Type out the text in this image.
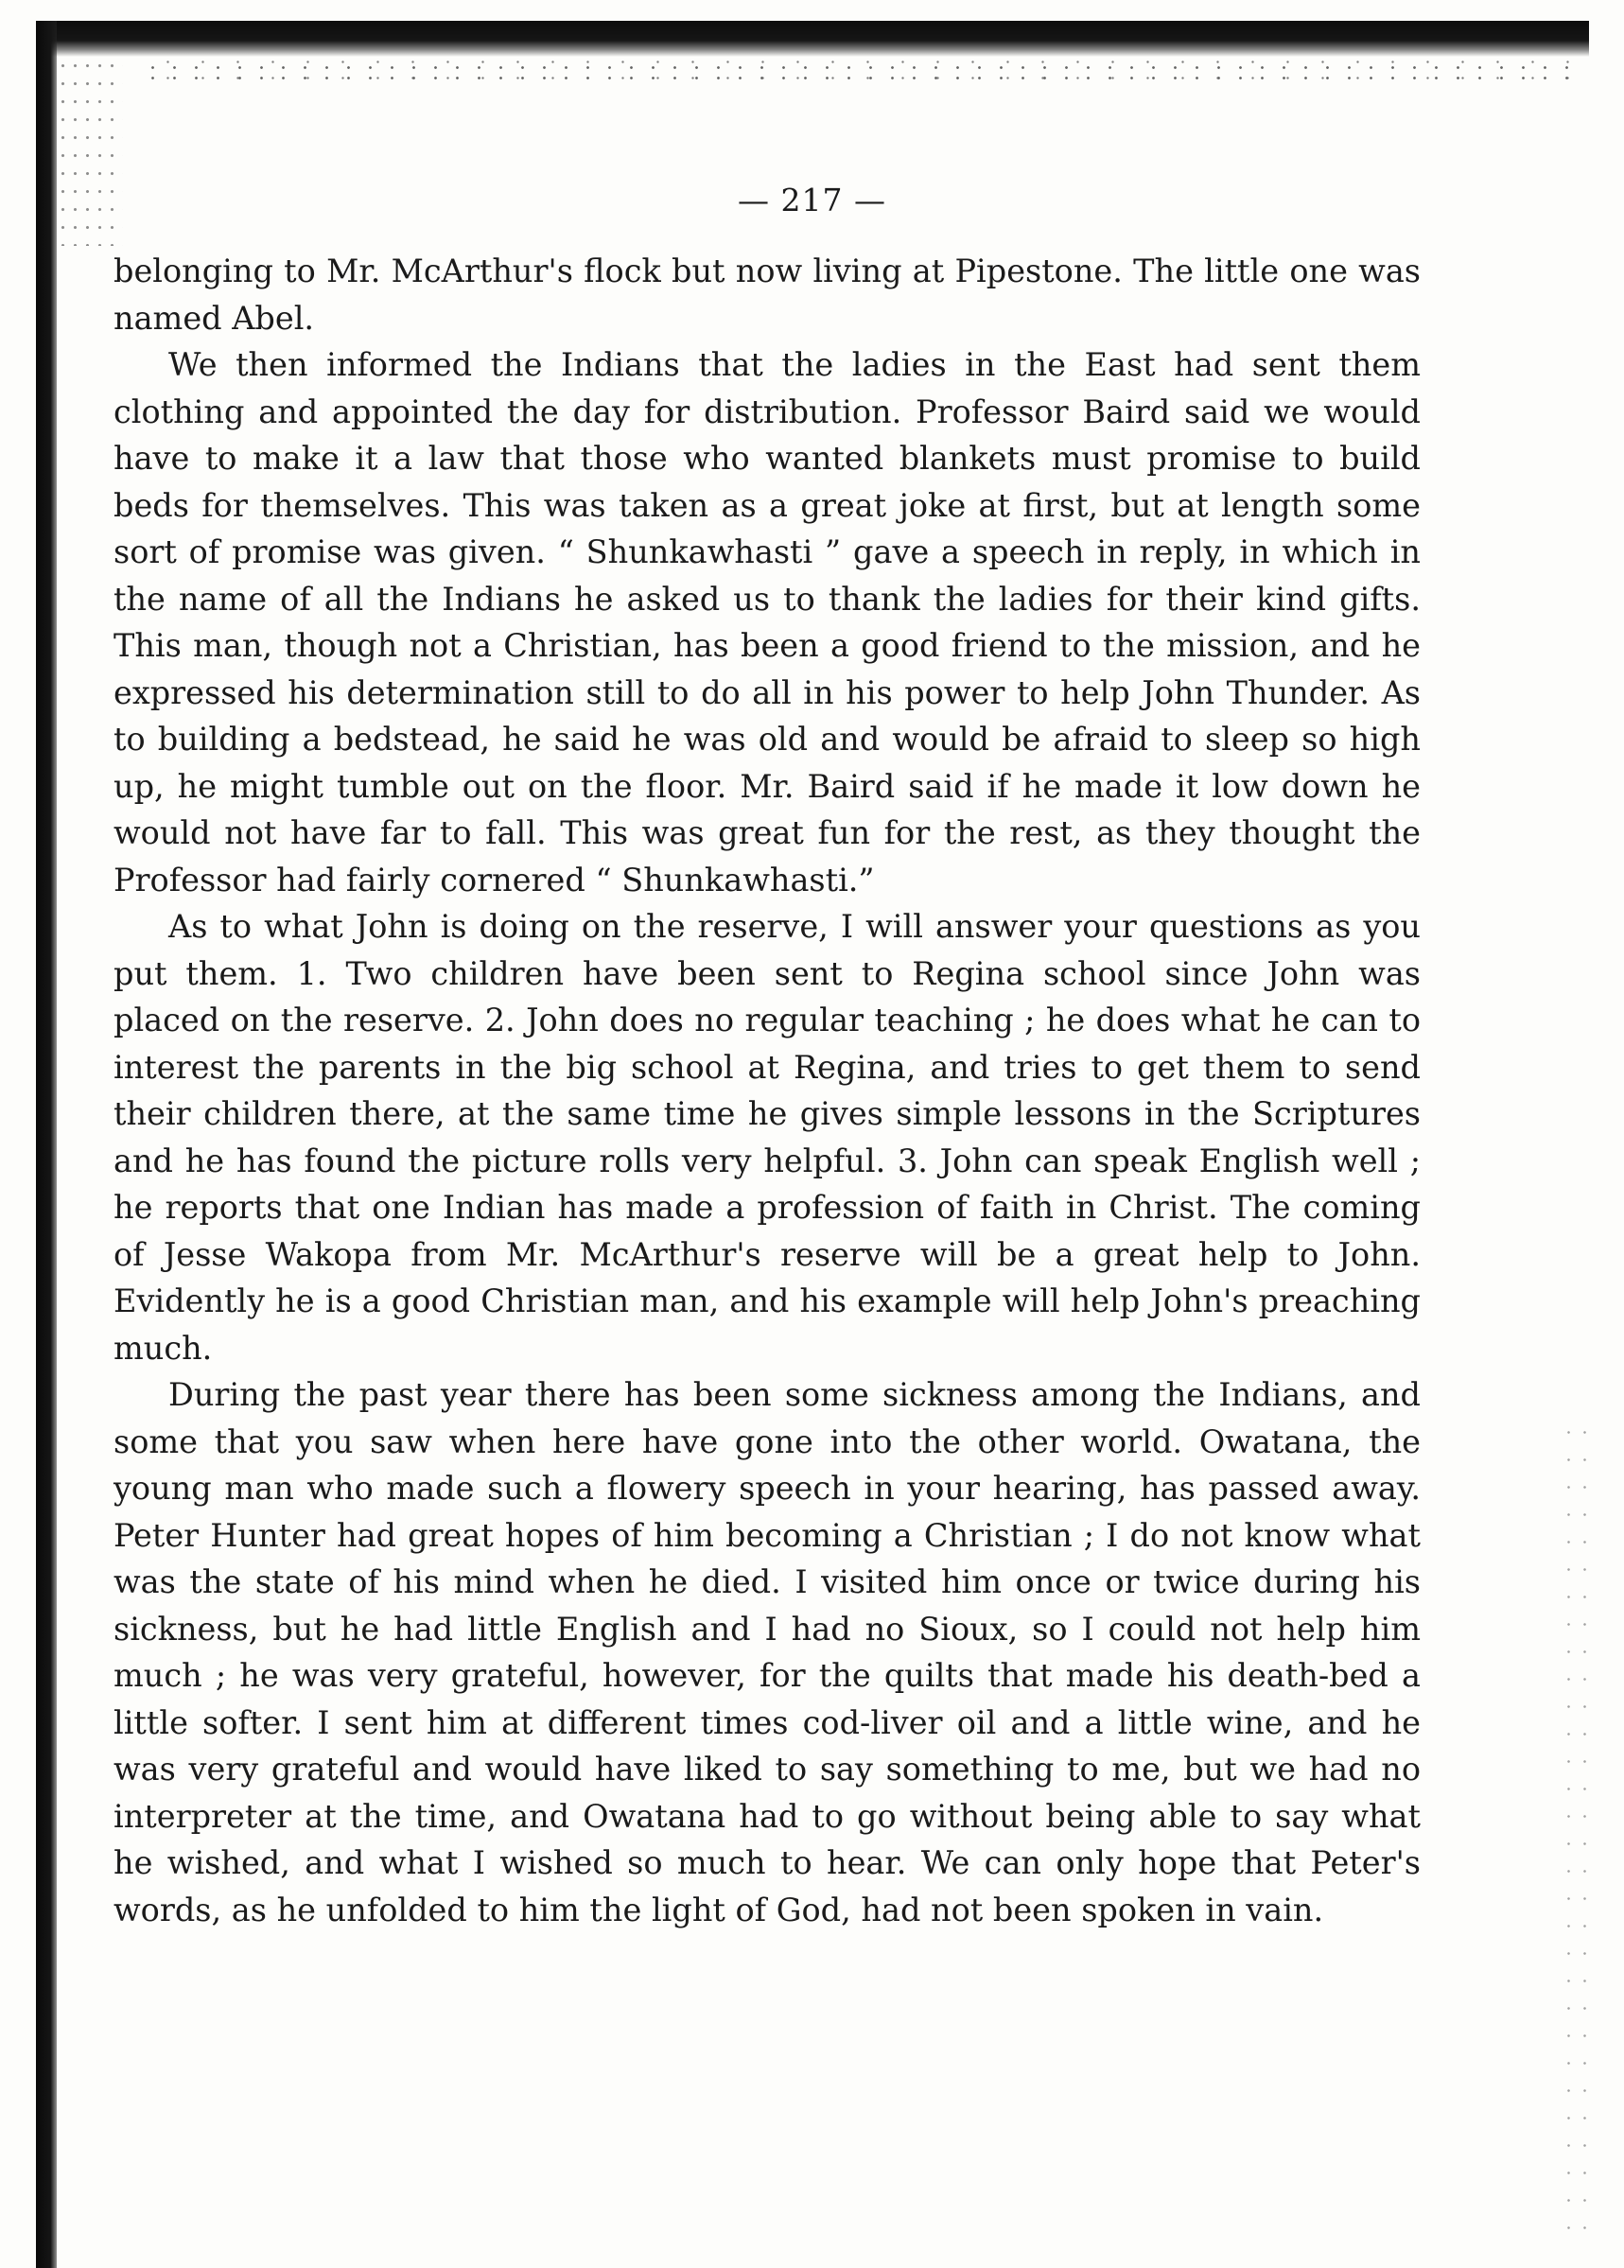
— 217 —

belonging to Mr. McArthur's flock but now living at Pipestone. The little one was named Abel.

We then informed the Indians that the ladies in the East had sent them clothing and appointed the day for distribution. Professor Baird said we would have to make it a law that those who wanted blankets must promise to build beds for themselves. This was taken as a great joke at first, but at length some sort of promise was given. “ Shunkawhasti ” gave a speech in reply, in which in the name of all the Indians he asked us to thank the ladies for their kind gifts. This man, though not a Christian, has been a good friend to the mission, and he expressed his determination still to do all in his power to help John Thunder. As to building a bedstead, he said he was old and would be afraid to sleep so high up, he might tumble out on the floor. Mr. Baird said if he made it low down he would not have far to fall. This was great fun for the rest, as they thought the Professor had fairly cornered “ Shunkawhasti.”

As to what John is doing on the reserve, I will answer your questions as you put them. 1. Two children have been sent to Regina school since John was placed on the reserve. 2. John does no regular teaching ; he does what he can to interest the parents in the big school at Regina, and tries to get them to send their children there, at the same time he gives simple lessons in the Scriptures and he has found the picture rolls very helpful. 3. John can speak English well ; he reports that one Indian has made a profession of faith in Christ. The coming of Jesse Wakopa from Mr. McArthur's reserve will be a great help to John. Evidently he is a good Christian man, and his example will help John's preaching much.

During the past year there has been some sickness among the Indians, and some that you saw when here have gone into the other world. Owatana, the young man who made such a flowery speech in your hearing, has passed away. Peter Hunter had great hopes of him becoming a Christian ; I do not know what was the state of his mind when he died. I visited him once or twice during his sickness, but he had little English and I had no Sioux, so I could not help him much ; he was very grateful, however, for the quilts that made his death-bed a little softer. I sent him at different times cod-liver oil and a little wine, and he was very grateful and would have liked to say something to me, but we had no interpreter at the time, and Owatana had to go without being able to say what he wished, and what I wished so much to hear. We can only hope that Peter's words, as he unfolded to him the light of God, had not been spoken in vain.
